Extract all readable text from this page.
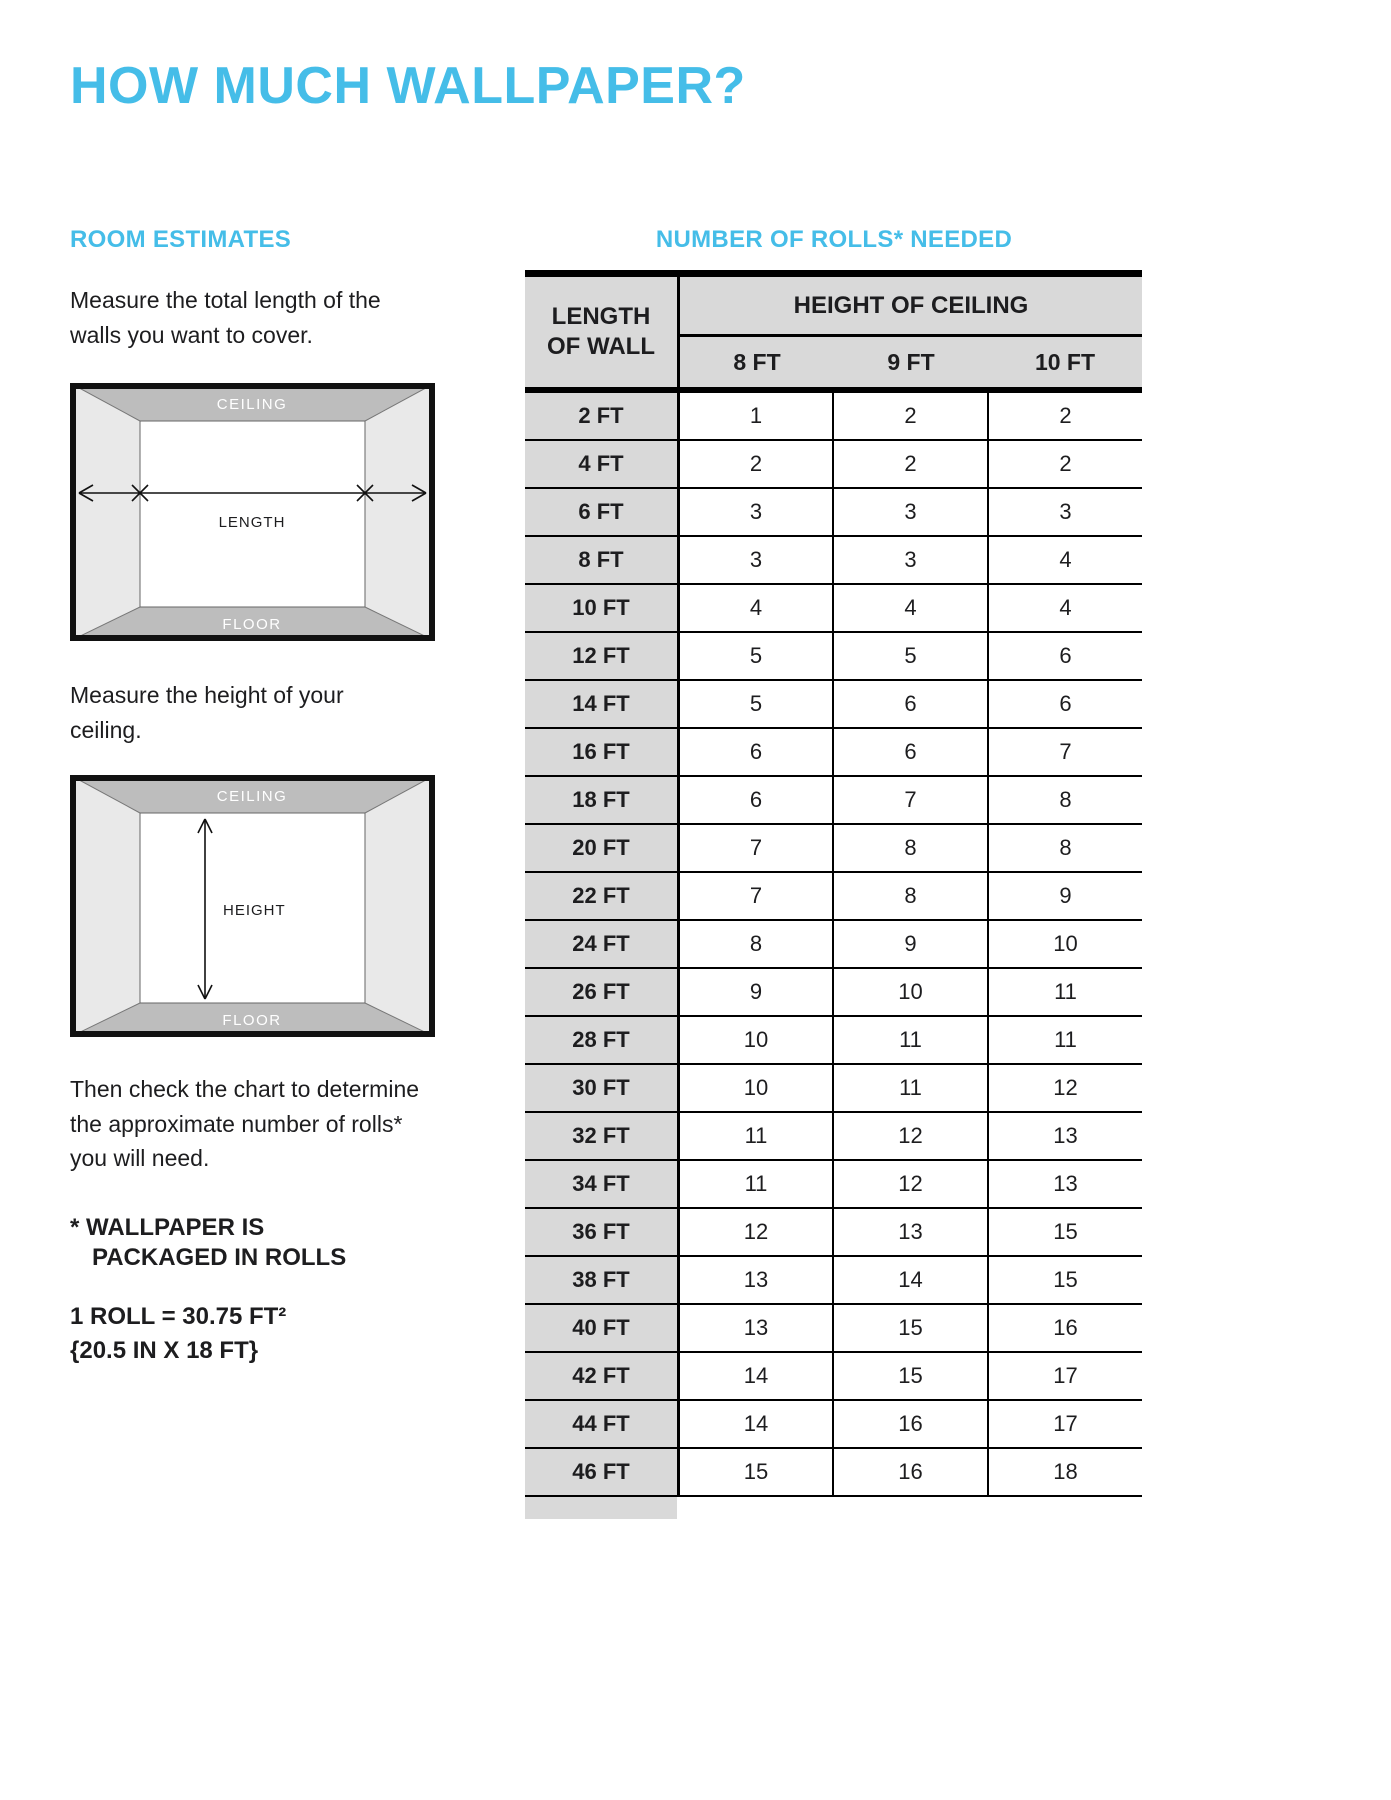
HOW MUCH WALLPAPER?
ROOM ESTIMATES

Measure the total length of the walls you want to cover.

CEILING
FLOOR
LENGTH

Measure the height of your ceiling.

CEILING
FLOOR
HEIGHT

Then check the chart to determine the approximate number of rolls* you will need.

* WALLPAPER IS
PACKAGED IN ROLLS
1 ROLL = 30.75 FT²
{20.5 IN X 18 FT}
NUMBER OF ROLLS* NEEDED
LENGTH
OF WALL
HEIGHT OF CEILING
8 FT	9 FT	10 FT
2 FT	1	2	2
4 FT	2	2	2
6 FT	3	3	3
8 FT	3	3	4
10 FT	4	4	4
12 FT	5	5	6
14 FT	5	6	6
16 FT	6	6	7
18 FT	6	7	8
20 FT	7	8	8
22 FT	7	8	9
24 FT	8	9	10
26 FT	9	10	11
28 FT	10	11	11
30 FT	10	11	12
32 FT	11	12	13
34 FT	11	12	13
36 FT	12	13	15
38 FT	13	14	15
40 FT	13	15	16
42 FT	14	15	17
44 FT	14	16	17
46 FT	15	16	18
